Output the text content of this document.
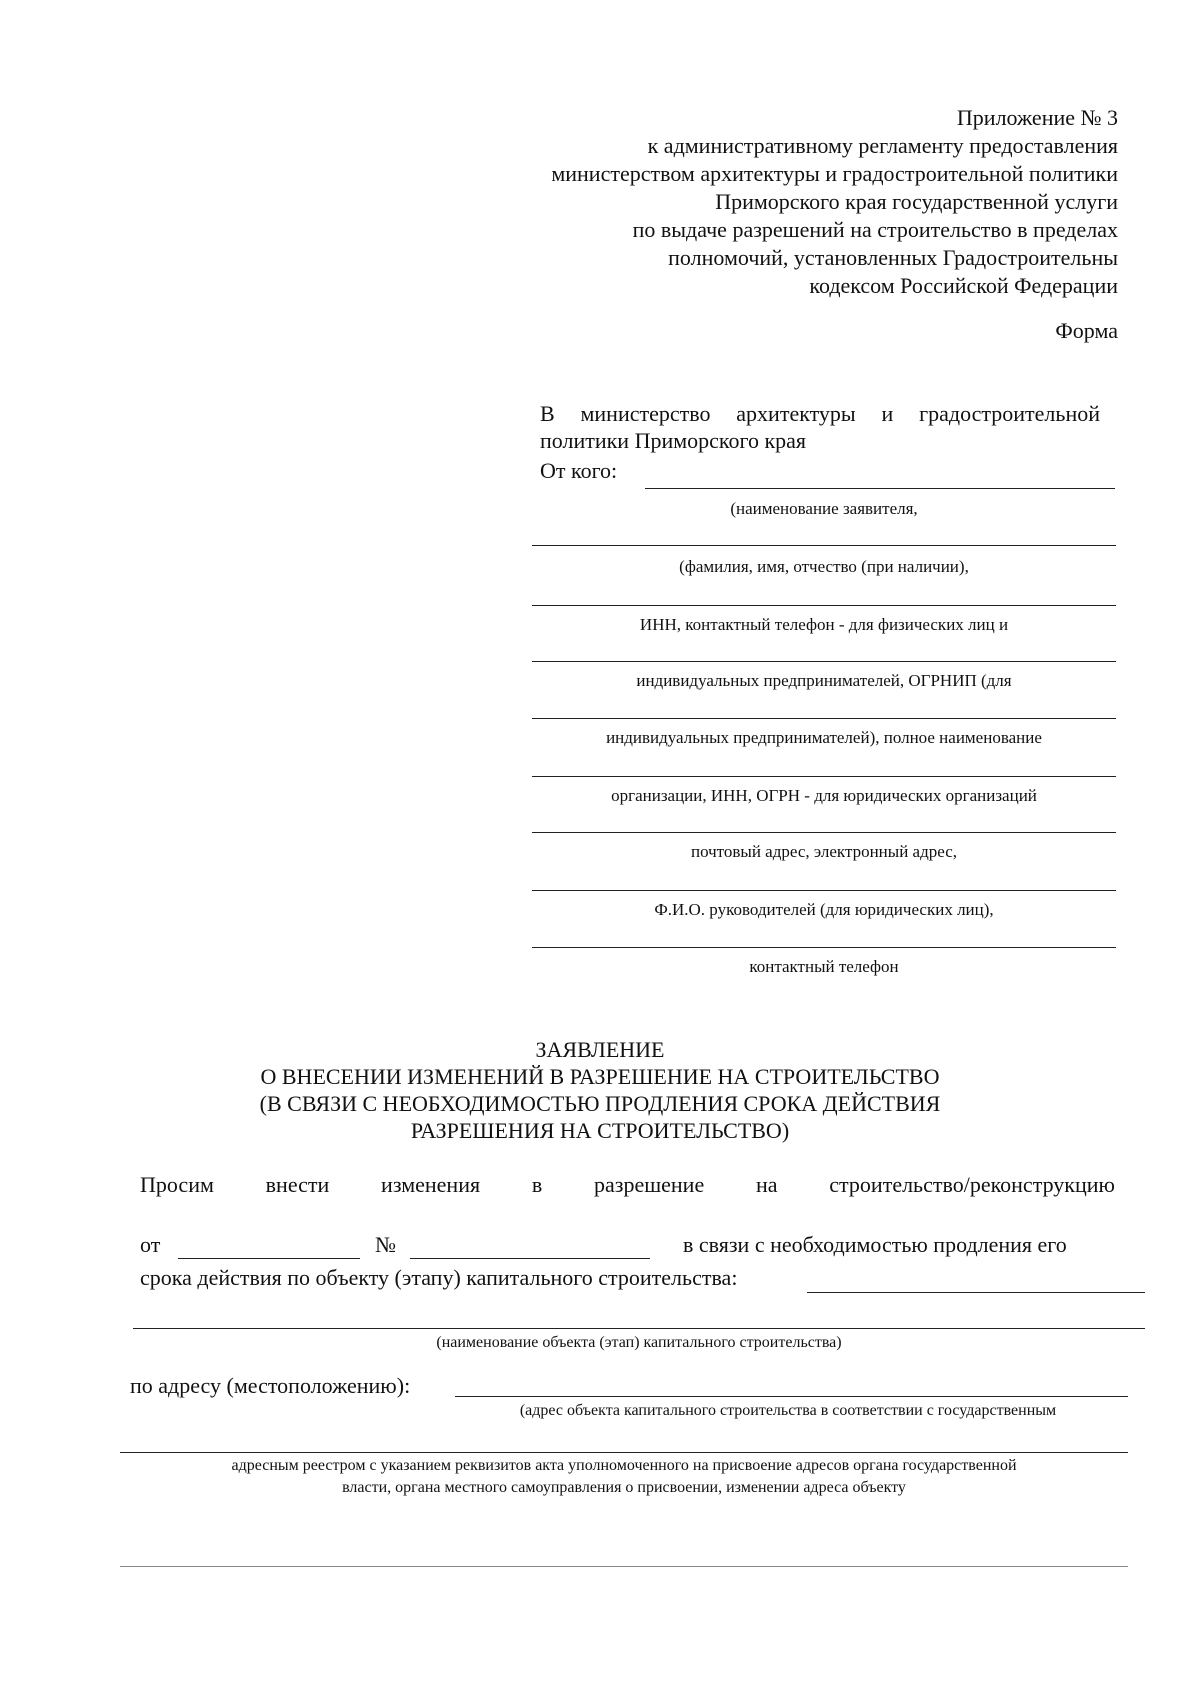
Приложение № 3
к административному регламенту предоставления
министерством архитектуры и градостроительной политики
Приморского края государственной услуги
по выдаче разрешений на строительство в пределах
полномочий, установленных Градостроительны
кодексом Российской Федерации
Форма
В министерство архитектуры и градостроительной политики Приморского края
От кого:
(наименование заявителя,
(фамилия, имя, отчество (при наличии),
ИНН, контактный телефон - для физических лиц и
индивидуальных предпринимателей, ОГРНИП (для
индивидуальных предпринимателей), полное наименование
организации, ИНН, ОГРН - для юридических организаций
почтовый адрес, электронный адрес,
Ф.И.О. руководителей (для юридических лиц),
контактный телефон
ЗАЯВЛЕНИЕ
О ВНЕСЕНИИ ИЗМЕНЕНИЙ В РАЗРЕШЕНИЕ НА СТРОИТЕЛЬСТВО
(В СВЯЗИ С НЕОБХОДИМОСТЬЮ ПРОДЛЕНИЯ СРОКА ДЕЙСТВИЯ
РАЗРЕШЕНИЯ НА СТРОИТЕЛЬСТВО)
Просим внести изменения в разрешение на строительство/реконструкцию
от	№	в связи с необходимостью продления его
срока действия по объекту (этапу) капитального строительства:
(наименование объекта (этап) капитального строительства)
по адресу (местоположению):
(адрес объекта капитального строительства в соответствии с государственным
адресным реестром с указанием реквизитов акта уполномоченного на присвоение адресов органа государственной
власти, органа местного самоуправления о присвоении, изменении адреса объекту
